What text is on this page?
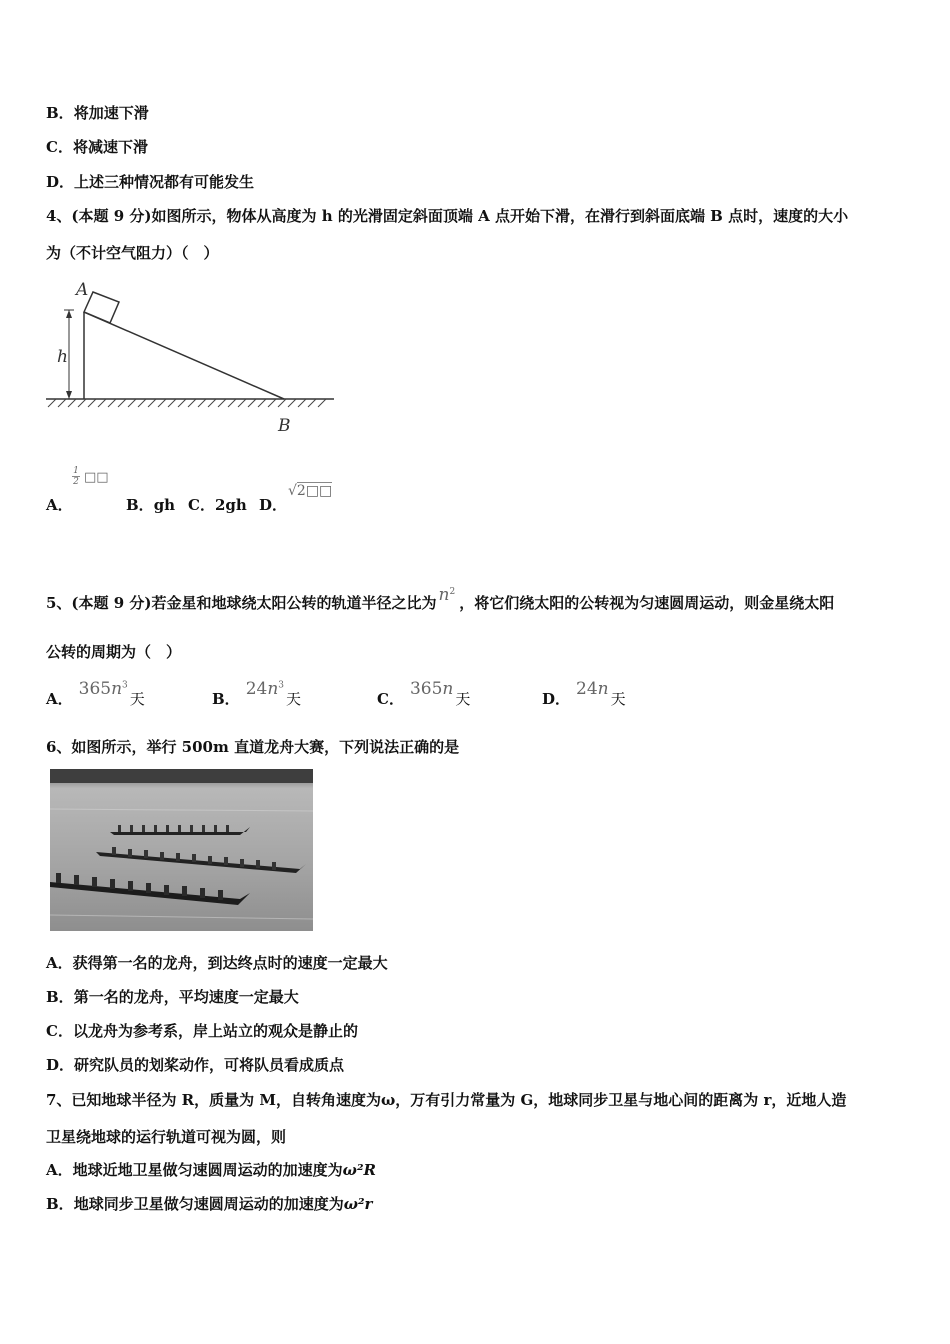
B．将加速下滑
C．将减速下滑
D．上述三种情况都有可能发生
4、(本题 9 分)如图所示，物体从高度为 h 的光滑固定斜面顶端 A 点开始下滑，在滑行到斜面底端 B 点时，速度的大小
为（不计空气阻力）（　）
A
h
B
A．
1
2 □□
B．gh C．2gh D．
√2□□
5、(本题 9 分)若金星和地球绕太阳公转的轨道半径之比为 $n^2$，将它们绕太阳的公转视为匀速圆周运动，则金星绕太阳
公转的周期为（　）
A． $365n^3$天	B． $24n^3$天	C． 365n 天	D． 24n 天
6、如图所示，举行 500m 直道龙舟大赛，下列说法正确的是
A．获得第一名的龙舟，到达终点时的速度一定最大
B．第一名的龙舟，平均速度一定最大
C．以龙舟为参考系，岸上站立的观众是静止的
D．研究队员的划桨动作，可将队员看成质点
7、已知地球半径为 R，质量为 M，自转角速度为ω，万有引力常量为 G，地球同步卫星与地心间的距离为 r，近地人造
卫星绕地球的运行轨道可视为圆，则
A．地球近地卫星做匀速圆周运动的加速度为ω²R
B．地球同步卫星做匀速圆周运动的加速度为ω²r
